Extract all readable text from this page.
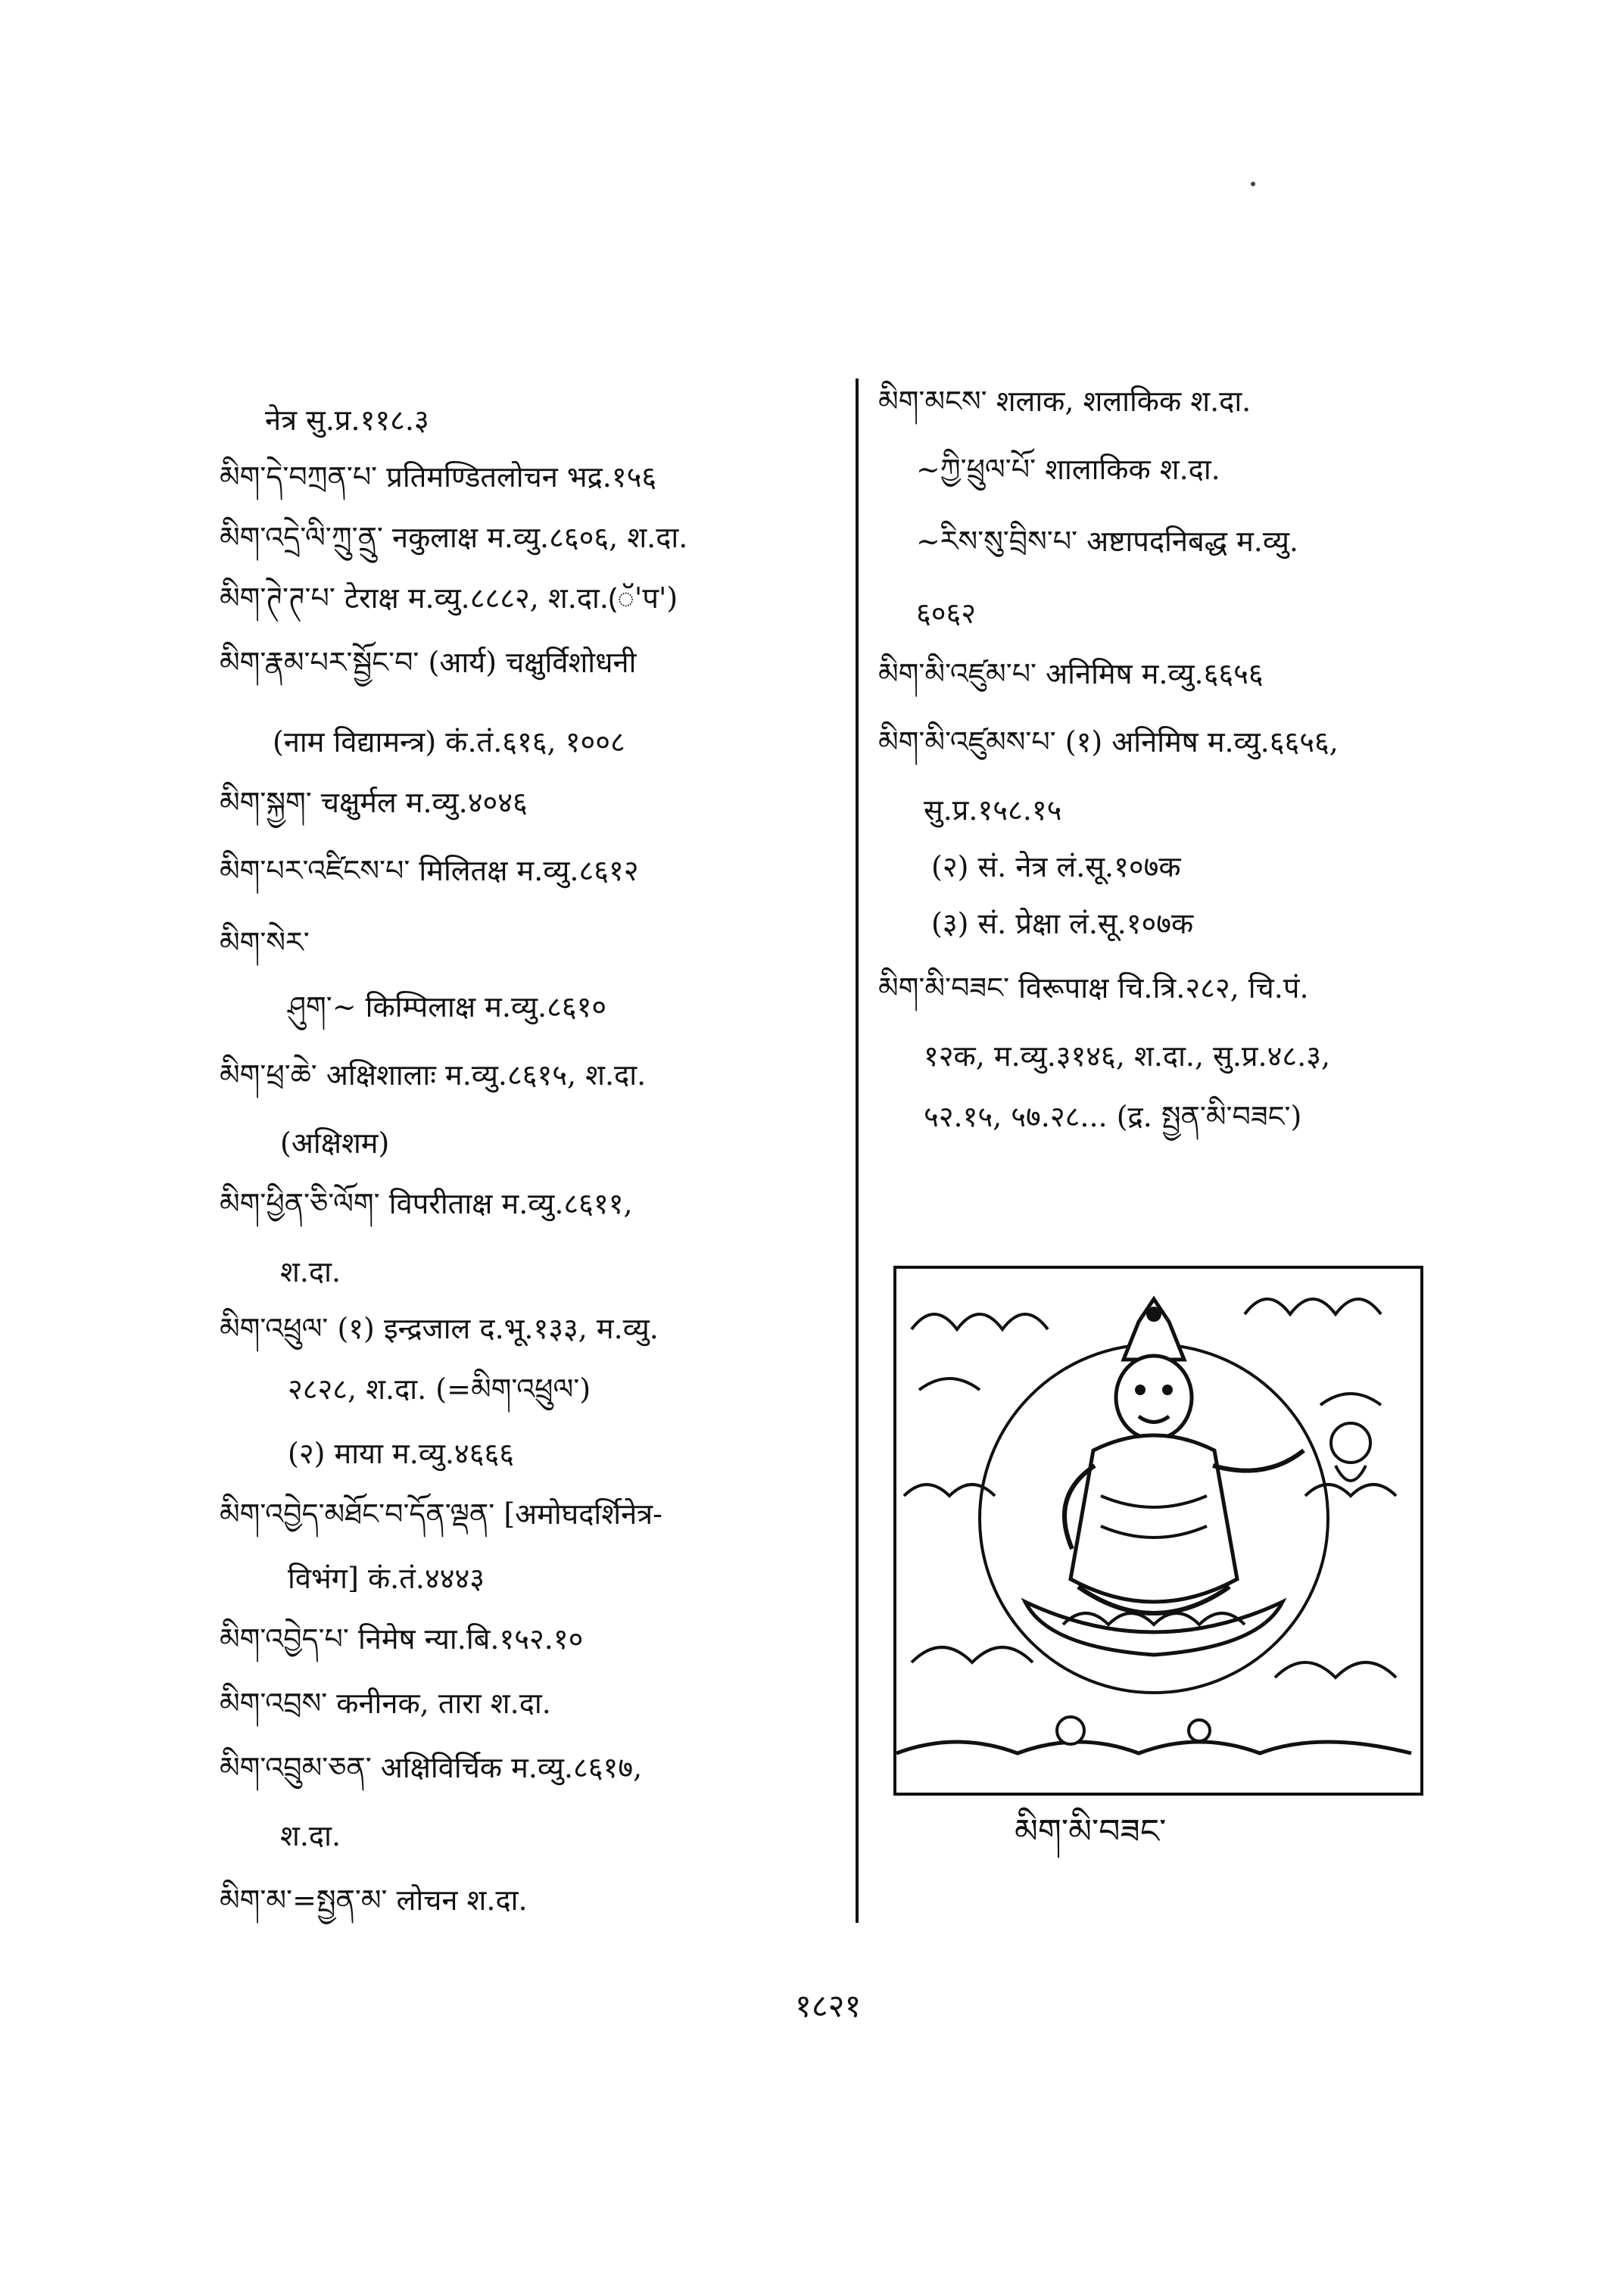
नेत्र सु.प्र.११८.३
མིག་དེ་བཀྲན་པ་ प्रतिमण्डितलोचन भद्र.१५६
མིག་འདྲེ་ལི་ཀྲུ་ནྲུ་ नकुलाक्ष म.व्यु.८६०६, श.दा.
མིག་ཊེ་ཊ་པ་ टेराक्ष म.व्यु.८८८२, श.दा.(ॅ'प')
མིག་རྣམ་པར་སྦྱོང་བ་ (आर्य) चक्षुर्विशोधनी
(नाम विद्यामन्त्र) कं.तं.६१६, १००८
མིག་སྐྱག་ चक्षुर्मल म.व्यु.४०४६
མིག་པར་འཛིངས་པ་ मिलितक्ष म.व्यु.८६१२
མིག་སེར་
ཤུག་~ किम्पिलाक्ष म.व्यु.८६१०
མིག་ཕྲ་ཆེ་ अक्षिशालाः म.व्यु.८६१५, श.दा.
(अक्षिशम)
མིག་ཕྱིན་ཅི་ལོག་ विपरीताक्ष म.व्यु.८६११,
श.दा.
མིག་འཕྲུལ་ (१) इन्द्रजाल द.भू.१३३, म.व्यु.
२८२८, श.दा. (=མིག་འཕྲུལ་)
(२) माया म.व्यु.४६६६
མིག་འབྱེད་མཐོང་བ་དོན་ལྡན་ [अमोघदर्शिनेत्र-
विभंग] कं.तं.४४४३
མིག་འབྱེད་པ་ निमेष न्या.बि.१५२.१०
མིག་འབྲས་ कनीनक, तारा श.दा.
མིག་འབྲུམ་ཅན་ अक्षिविर्चिक म.व्यु.८६१७,
श.दा.
མིག་མ་=སྤྱན་མ་ लोचन श.दा.
མིག་མངས་ शलाक, शलाकिक श.दा.
~ཀྱི་ཕྲུལ་པོ་ शालाकिक श.दा.
~རིས་སུ་བྲིས་པ་ अष्टापदनिबद्ध म.व्यु.
६०६२
མིག་མི་འཛུམ་པ་ अनिमिष म.व्यु.६६५६
མིག་མི་འཛུམས་པ་ (१) अनिमिष म.व्यु.६६५६,
सु.प्र.१५८.१५
(२) सं. नेत्र लं.सू.१०७क
(३) सं. प्रेक्षा लं.सू.१०७क
མིག་མི་བཟང་ विरूपाक्ष चि.त्रि.२८२, चि.पं.
१२क, म.व्यु.३१४६, श.दा., सु.प्र.४८.३,
५२.१५, ५७.२८... (द्र. སྤྱན་མི་བཟང་)
མིག་མི་བཟང་
१८२१
